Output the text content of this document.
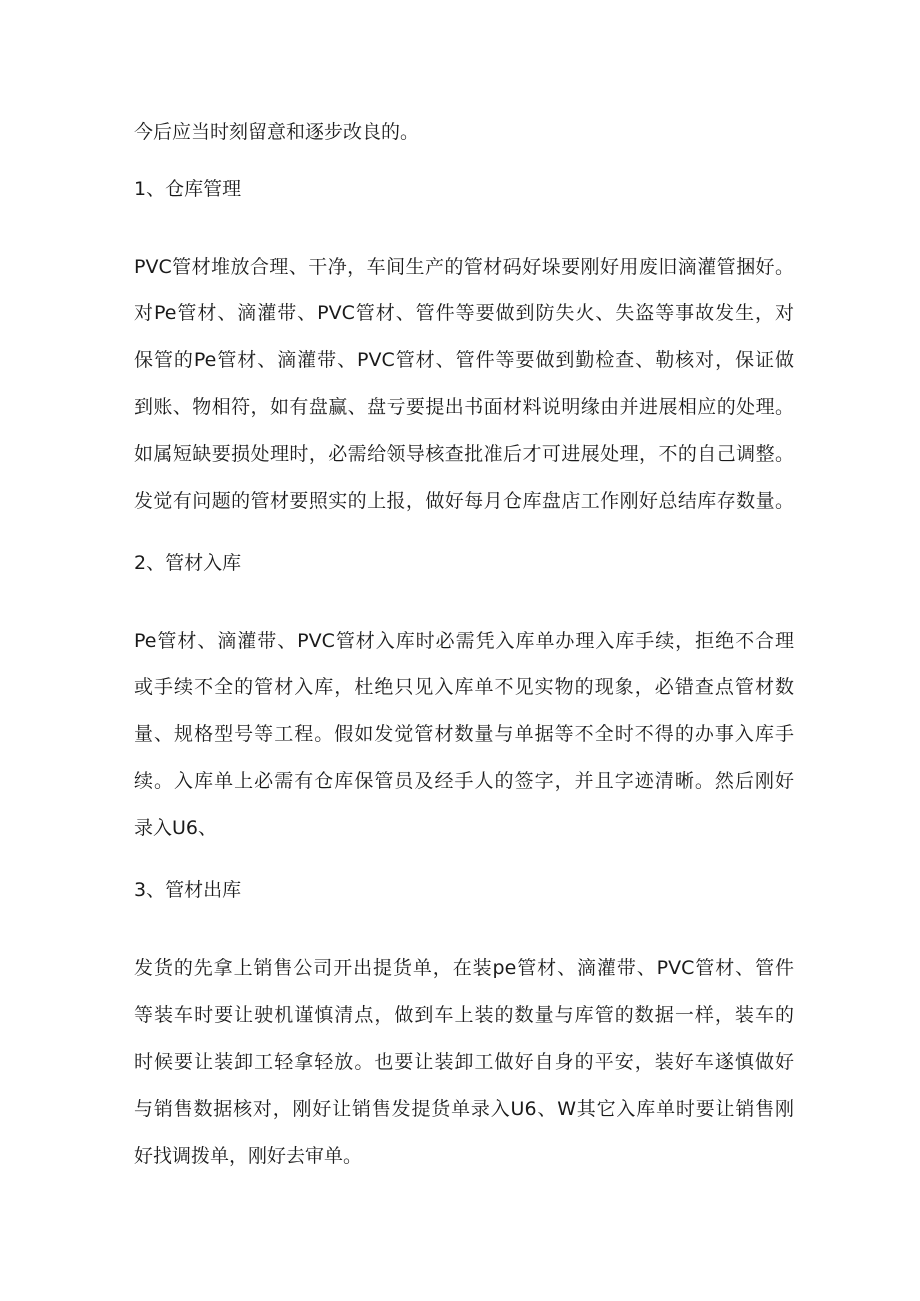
今后应当时刻留意和逐步改良的。
1、仓库管理
PVC管材堆放合理、干净，车间生产的管材码好垛要刚好用废旧滴灌管捆好。
对Pe管材、滴灌带、PVC管材、管件等要做到防失火、失盗等事故发生，对
保管的Pe管材、滴灌带、PVC管材、管件等要做到勤检查、勒核对，保证做
到账、物相符，如有盘赢、盘亏要提出书面材料说明缘由并进展相应的处理。
如属短缺要损处理时，必需给领导核查批准后才可进展处理，不的自己调整。
发觉有问题的管材要照实的上报，做好每月仓库盘店工作刚好总结库存数量。
2、管材入库
Pe管材、滴灌带、PVC管材入库时必需凭入库单办理入库手续，拒绝不合理
或手续不全的管材入库，杜绝只见入库单不见实物的现象，必错查点管材数
量、规格型号等工程。假如发觉管材数量与单据等不全时不得的办事入库手
续。入库单上必需有仓库保管员及经手人的签字，并且字迹清晰。然后刚好
录入U6、
3、管材出库
发货的先拿上销售公司开出提货单，在装pe管材、滴灌带、PVC管材、管件
等装车时要让驶机谨慎清点，做到车上装的数量与库管的数据一样，装车的
时候要让装卸工轻拿轻放。也要让装卸工做好自身的平安，装好车遂慎做好
与销售数据核对，刚好让销售发提货单录入U6、W其它入库单时要让销售刚
好找调拨单，刚好去审单。
